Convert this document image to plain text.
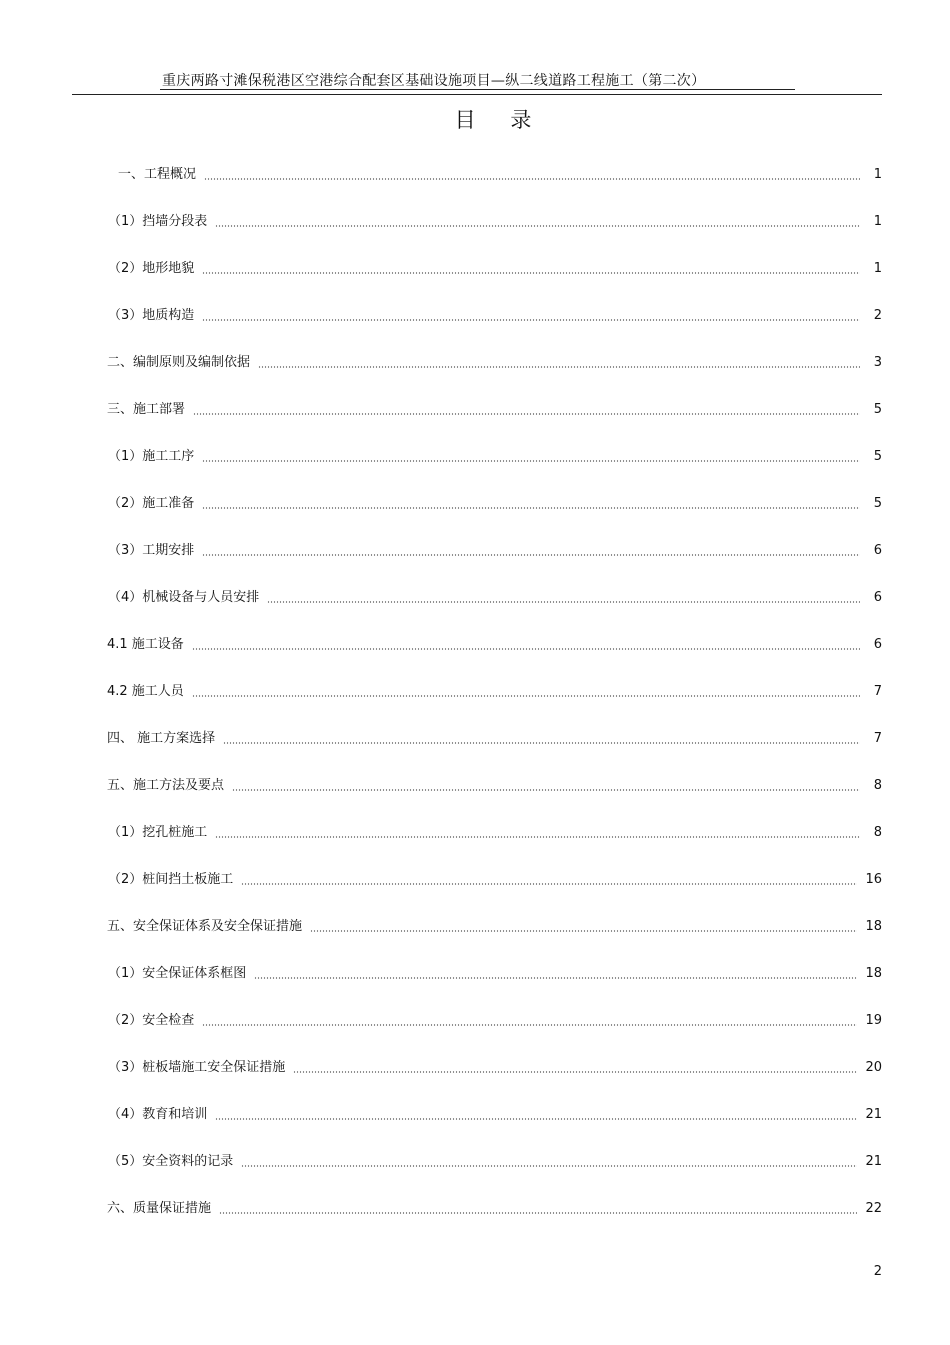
重庆两路寸滩保税港区空港综合配套区基础设施项目—纵二线道路工程施工（第二次）
目 录
一、工程概况	1
（1）挡墙分段表	1
（2）地形地貌	1
（3）地质构造	2
二、编制原则及编制依据	3
三、施工部署	5
（1）施工工序	5
（2）施工准备	5
（3）工期安排	6
（4）机械设备与人员安排	6
4.1 施工设备	6
4.2 施工人员	7
四、 施工方案选择	7
五、施工方法及要点	8
（1）挖孔桩施工	8
（2）桩间挡土板施工	16
五、安全保证体系及安全保证措施	18
（1）安全保证体系框图	18
（2）安全检查	19
（3）桩板墙施工安全保证措施	20
（4）教育和培训	21
（5）安全资料的记录	21
六、质量保证措施	22
2
